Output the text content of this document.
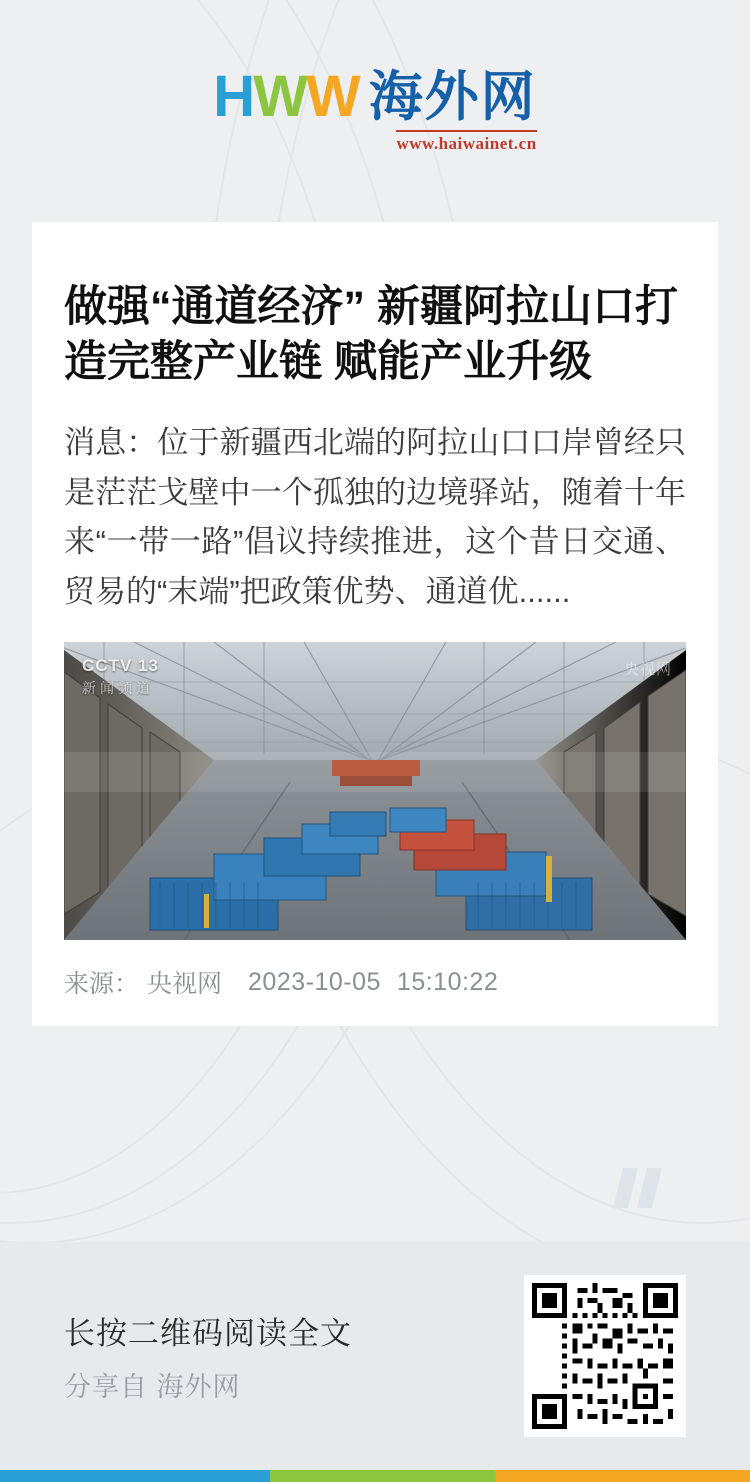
H W W 海外网
www.haiwainet.cn
做强“通道经济” 新疆阿拉山口打造完整产业链 赋能产业升级

消息：位于新疆西北端的阿拉山口口岸曾经只是茫茫戈壁中一个孤独的边境驿站，随着十年来“一带一路”倡议持续推进，这个昔日交通、贸易的“末端”把政策优势、通道优......

CCTV 13
新闻频道
央视网
来源： 央视网 2023-10-05 15:10:22
长按二维码阅读全文
分享自 海外网
